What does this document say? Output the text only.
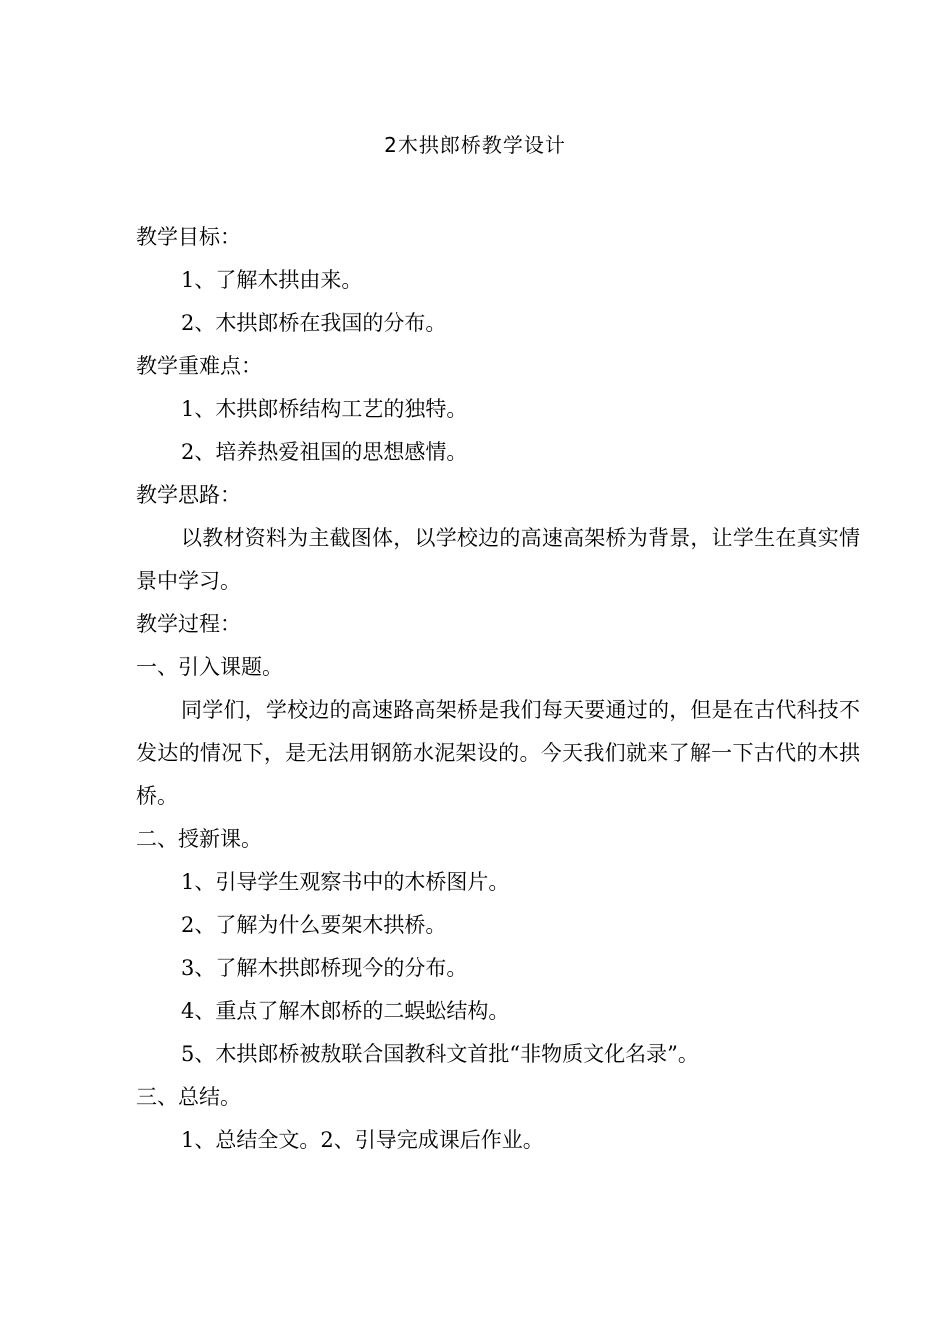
2木拱郎桥教学设计

教学目标：

1、了解木拱由来。

2、木拱郎桥在我国的分布。

教学重难点：

1、木拱郎桥结构工艺的独特。

2、培养热爱祖国的思想感情。

教学思路：

以教材资料为主截图体，以学校边的高速高架桥为背景，让学生在真实情景中学习。

教学过程：

一、引入课题。

同学们，学校边的高速路高架桥是我们每天要通过的，但是在古代科技不发达的情况下，是无法用钢筋水泥架设的。今天我们就来了解一下古代的木拱桥。

二、授新课。

1、引导学生观察书中的木桥图片。

2、了解为什么要架木拱桥。

3、了解木拱郎桥现今的分布。

4、重点了解木郎桥的二蜈蚣结构。

5、木拱郎桥被敖联合国教科文首批“非物质文化名录”。

三、总结。

1、总结全文。2、引导完成课后作业。
